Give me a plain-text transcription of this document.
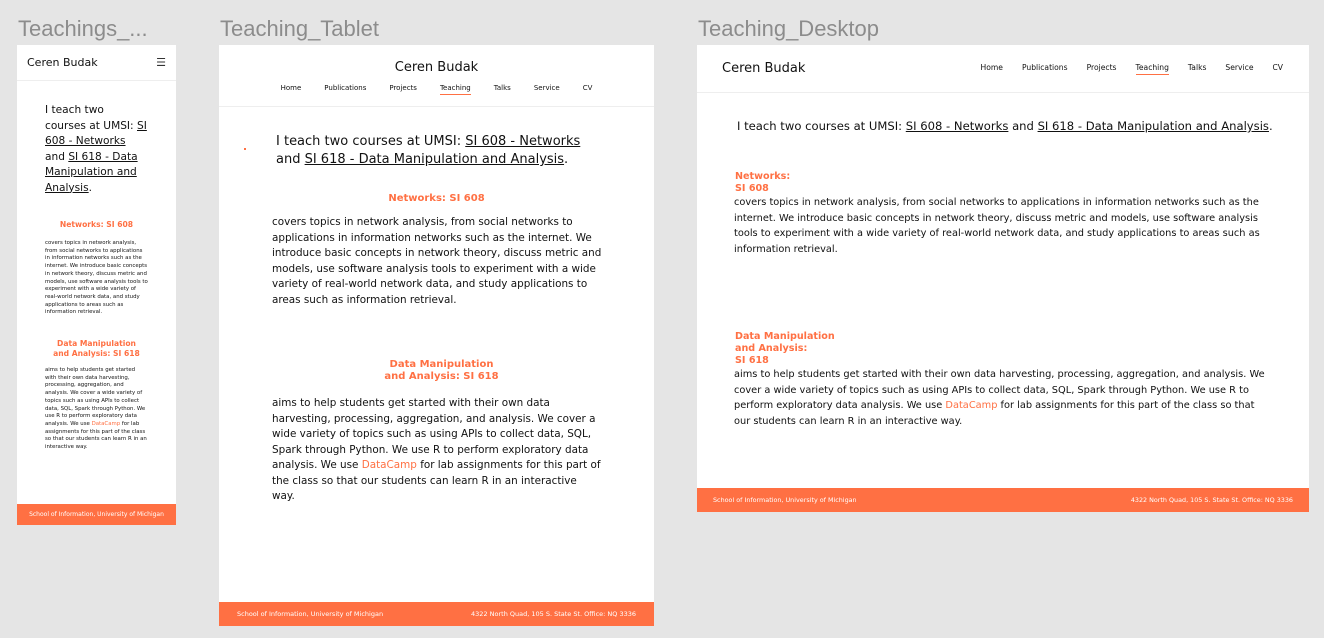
Teachings_...	Teaching_Tablet	Teaching_Desktop
Ceren Budak	☰
I teach two courses at UMSI: SI 608 - Networks and SI 618 - Data Manipulation and Analysis.
Networks: SI 608
covers topics in network analysis, from social networks to applications in information networks such as the internet. We introduce basic concepts in network theory, discuss metric and models, use software analysis tools to experiment with a wide variety of real-world network data, and study applications to areas such as information retrieval.
Data Manipulation
and Analysis: SI 618
aims to help students get started with their own data harvesting, processing, aggregation, and analysis. We cover a wide variety of topics such as using APIs to collect data, SQL, Spark through Python. We use R to perform exploratory data analysis. We use DataCamp for lab assignments for this part of the class so that our students can learn R in an interactive way.
School of Information, University of Michigan
Ceren Budak
Home	Publications	Projects	Teaching	Talks	Service	CV
I teach two courses at UMSI: SI 608 - Networks and SI 618 - Data Manipulation and Analysis.
Networks: SI 608
covers topics in network analysis, from social networks to applications in information networks such as the internet. We introduce basic concepts in network theory, discuss metric and models, use software analysis tools to experiment with a wide variety of real-world network data, and study applications to areas such as information retrieval.
Data Manipulation
and Analysis: SI 618
aims to help students get started with their own data harvesting, processing, aggregation, and analysis. We cover a wide variety of topics such as using APIs to collect data, SQL, Spark through Python. We use R to perform exploratory data analysis. We use DataCamp for lab assignments for this part of the class so that our students can learn R in an interactive way.
School of Information, University of Michigan	4322 North Quad, 105 S. State St. Office: NQ 3336
Ceren Budak	Home	Publications	Projects	Teaching	Talks	Service	CV
I teach two courses at UMSI: SI 608 - Networks and SI 618 - Data Manipulation and Analysis.
Networks:
SI 608
covers topics in network analysis, from social networks to applications in information networks such as the internet. We introduce basic concepts in network theory, discuss metric and models, use software analysis tools to experiment with a wide variety of real-world network data, and study applications to areas such as information retrieval.
Data Manipulation
and Analysis:
SI 618
aims to help students get started with their own data harvesting, processing, aggregation, and analysis. We cover a wide variety of topics such as using APIs to collect data, SQL, Spark through Python. We use R to perform exploratory data analysis. We use DataCamp for lab assignments for this part of the class so that our students can learn R in an interactive way.
School of Information, University of Michigan	4322 North Quad, 105 S. State St. Office: NQ 3336
